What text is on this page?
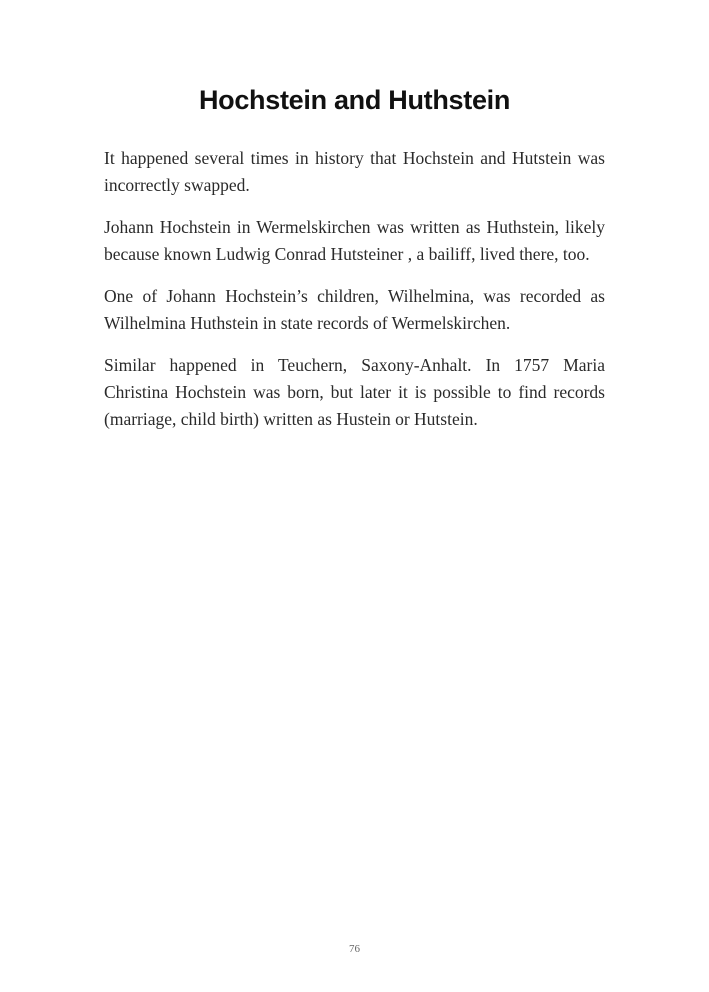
Hochstein and Huthstein

It happened several times in history that Hochstein and Hutstein was incorrectly swapped.

Johann Hochstein in Wermelskirchen was written as Huthstein, likely because known Ludwig Conrad Hutsteiner , a bailiff, lived there, too.

One of Johann Hochstein’s children, Wilhelmina, was recorded as Wilhelmina Huthstein in state records of Wermelskirchen.

Similar happened in Teuchern, Saxony-Anhalt. In 1757 Maria Christina Hochstein was born, but later it is possible to find records (marriage, child birth) written as Hustein or Hutstein.

76
